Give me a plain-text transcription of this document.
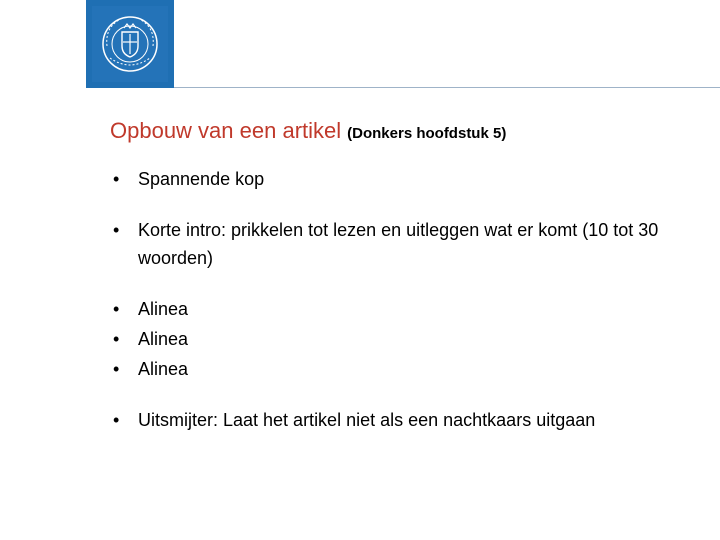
Opbouw van een artikel (Donkers hoofdstuk 5)
• Spannende kop
• Korte intro: prikkelen tot lezen en uitleggen wat er komt (10 tot 30 woorden)
• Alinea
• Alinea
• Alinea
• Uitsmijter: Laat het artikel niet als een nachtkaars uitgaan
